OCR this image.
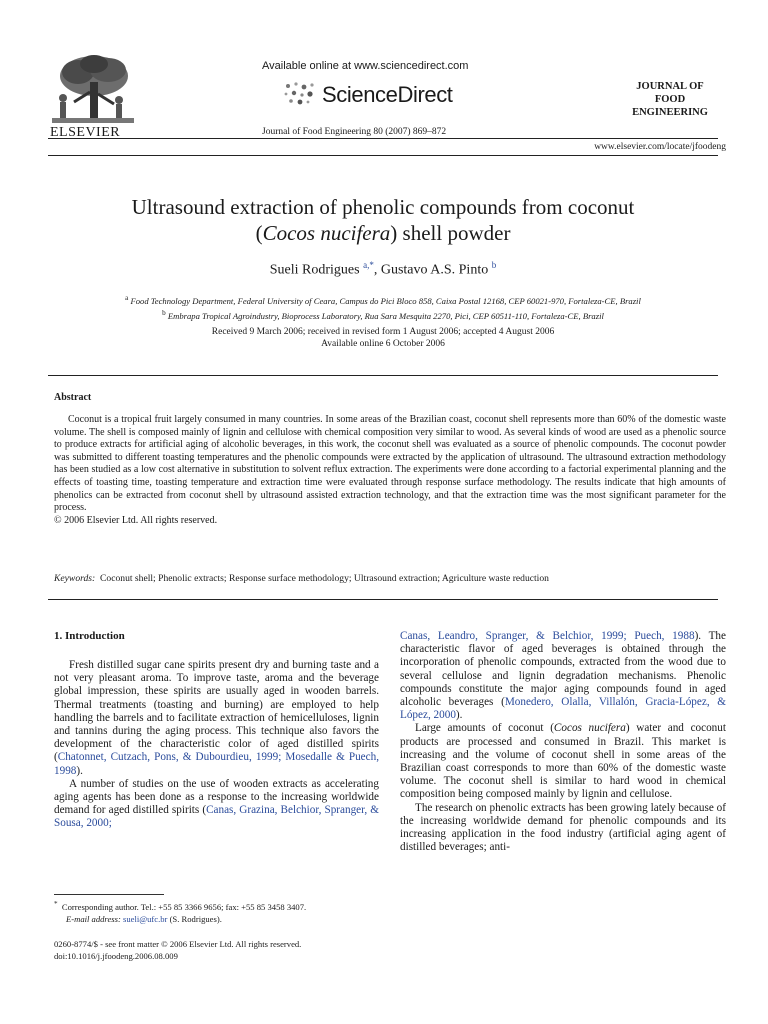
ELSEVIER
Available online at www.sciencedirect.com
ScienceDirect
Journal of Food Engineering 80 (2007) 869–872
JOURNAL OF
FOOD
ENGINEERING
www.elsevier.com/locate/jfoodeng
Ultrasound extraction of phenolic compounds from coconut
(Cocos nucifera) shell powder
Sueli Rodrigues $^{a,*}$, Gustavo A.S. Pinto $^b$
$^a$ Food Technology Department, Federal University of Ceara, Campus do Pici Bloco 858, Caixa Postal 12168, CEP 60021-970, Fortaleza-CE, Brazil
$^b$ Embrapa Tropical Agroindustry, Bioprocess Laboratory, Rua Sara Mesquita 2270, Pici, CEP 60511-110, Fortaleza-CE, Brazil
Received 9 March 2006; received in revised form 1 August 2006; accepted 4 August 2006
Available online 6 October 2006
Abstract
Coconut is a tropical fruit largely consumed in many countries. In some areas of the Brazilian coast, coconut shell represents more than 60% of the domestic waste volume. The shell is composed mainly of lignin and cellulose with chemical composition very similar to wood. As several kinds of wood are used as a phenolic source to produce extracts for artificial aging of alcoholic beverages, in this work, the coconut shell was evaluated as a source of phenolic compounds. The coconut powder was submitted to different toasting temperatures and the phenolic compounds were extracted by the application of ultrasound. The ultrasound extraction methodology has been studied as a low cost alternative in substitution to solvent reflux extraction. The experiments were done according to a factorial experimental planning and the effects of toasting time, toasting temperature and extraction time were evaluated through response surface methodology. The results indicate that high amounts of phenolics can be extracted from coconut shell by ultrasound assisted extraction technology, and that the extraction time was the most significant parameter for the process.
© 2006 Elsevier Ltd. All rights reserved.
Keywords: Coconut shell; Phenolic extracts; Response surface methodology; Ultrasound extraction; Agriculture waste reduction
1. Introduction

Fresh distilled sugar cane spirits present dry and burning taste and a not very pleasant aroma. To improve taste, aroma and the beverage global impression, these spirits are usually aged in wooden barrels. Thermal treatments (toasting and burning) are employed to help handling the barrels and to facilitate extraction of hemicelluloses, lignin and tannins during the aging process. This technique also favors the development of the characteristic color of aged distilled spirits (Chatonnet, Cutzach, Pons, & Dubourdieu, 1999; Mosedalle & Puech, 1998).

A number of studies on the use of wooden extracts as accelerating aging agents has been done as a response to the increasing worldwide demand for aged distilled spirits (Canas, Grazina, Belchior, Spranger, & Sousa, 2000;

Canas, Leandro, Spranger, & Belchior, 1999; Puech, 1988). The characteristic flavor of aged beverages is obtained through the incorporation of phenolic compounds, extracted from the wood due to several cellulose and lignin degradation mechanisms. Phenolic compounds constitute the major aging compounds found in aged alcoholic beverages (Monedero, Olalla, Villalón, Gracia-López, & López, 2000).

Large amounts of coconut (Cocos nucifera) water and coconut products are processed and consumed in Brazil. This market is increasing and the volume of coconut shell in some areas of the Brazilian coast corresponds to more than 60% of the domestic waste volume. The coconut shell is similar to hard wood in chemical composition being composed mainly by lignin and cellulose.

The research on phenolic extracts has been growing lately because of the increasing worldwide demand for phenolic compounds and its increasing application in the food industry (artificial aging agent of distilled beverages; anti-

* Corresponding author. Tel.: +55 85 3366 9656; fax: +55 85 3458 3407.
E-mail address: sueli@ufc.br (S. Rodrigues).
0260-8774/$ - see front matter © 2006 Elsevier Ltd. All rights reserved.
doi:10.1016/j.jfoodeng.2006.08.009
